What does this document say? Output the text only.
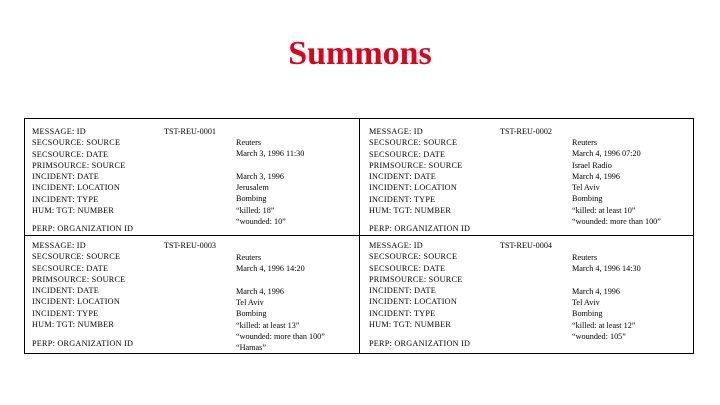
Summons
MESSAGE: ID
SECSOURCE: SOURCE
SECSOURCE: DATE
PRIMSOURCE: SOURCE
INCIDENT: DATE
INCIDENT: LOCATION
INCIDENT: TYPE
HUM: TGT: NUMBER
PERP: ORGANIZATION ID
TST-REU-0001
Reuters
March 3, 1996 11:30
March 3, 1996
Jerusalem
Bombing
“killed: 18”
“wounded: 10”
MESSAGE: ID
SECSOURCE: SOURCE
SECSOURCE: DATE
PRIMSOURCE: SOURCE
INCIDENT: DATE
INCIDENT: LOCATION
INCIDENT: TYPE
HUM: TGT: NUMBER
PERP: ORGANIZATION ID
TST-REU-0002
Reuters
March 4, 1996 07:20
Israel Radio
March 4, 1996
Tel Aviv
Bombing
“killed: at least 10”
“wounded: more than 100”
MESSAGE: ID
SECSOURCE: SOURCE
SECSOURCE: DATE
PRIMSOURCE: SOURCE
INCIDENT: DATE
INCIDENT: LOCATION
INCIDENT: TYPE
HUM: TGT: NUMBER
PERP: ORGANIZATION ID
TST-REU-0003
Reuters
March 4, 1996 14:20
March 4, 1996
Tel Aviv
Bombing
“killed: at least 13”
“wounded: more than 100”
“Hamas”
MESSAGE: ID
SECSOURCE: SOURCE
SECSOURCE: DATE
PRIMSOURCE: SOURCE
INCIDENT: DATE
INCIDENT: LOCATION
INCIDENT: TYPE
HUM: TGT: NUMBER
PERP: ORGANIZATION ID
TST-REU-0004
Reuters
March 4, 1996 14:30
March 4, 1996
Tel Aviv
Bombing
“killed: at least 12”
“wounded: 105”
